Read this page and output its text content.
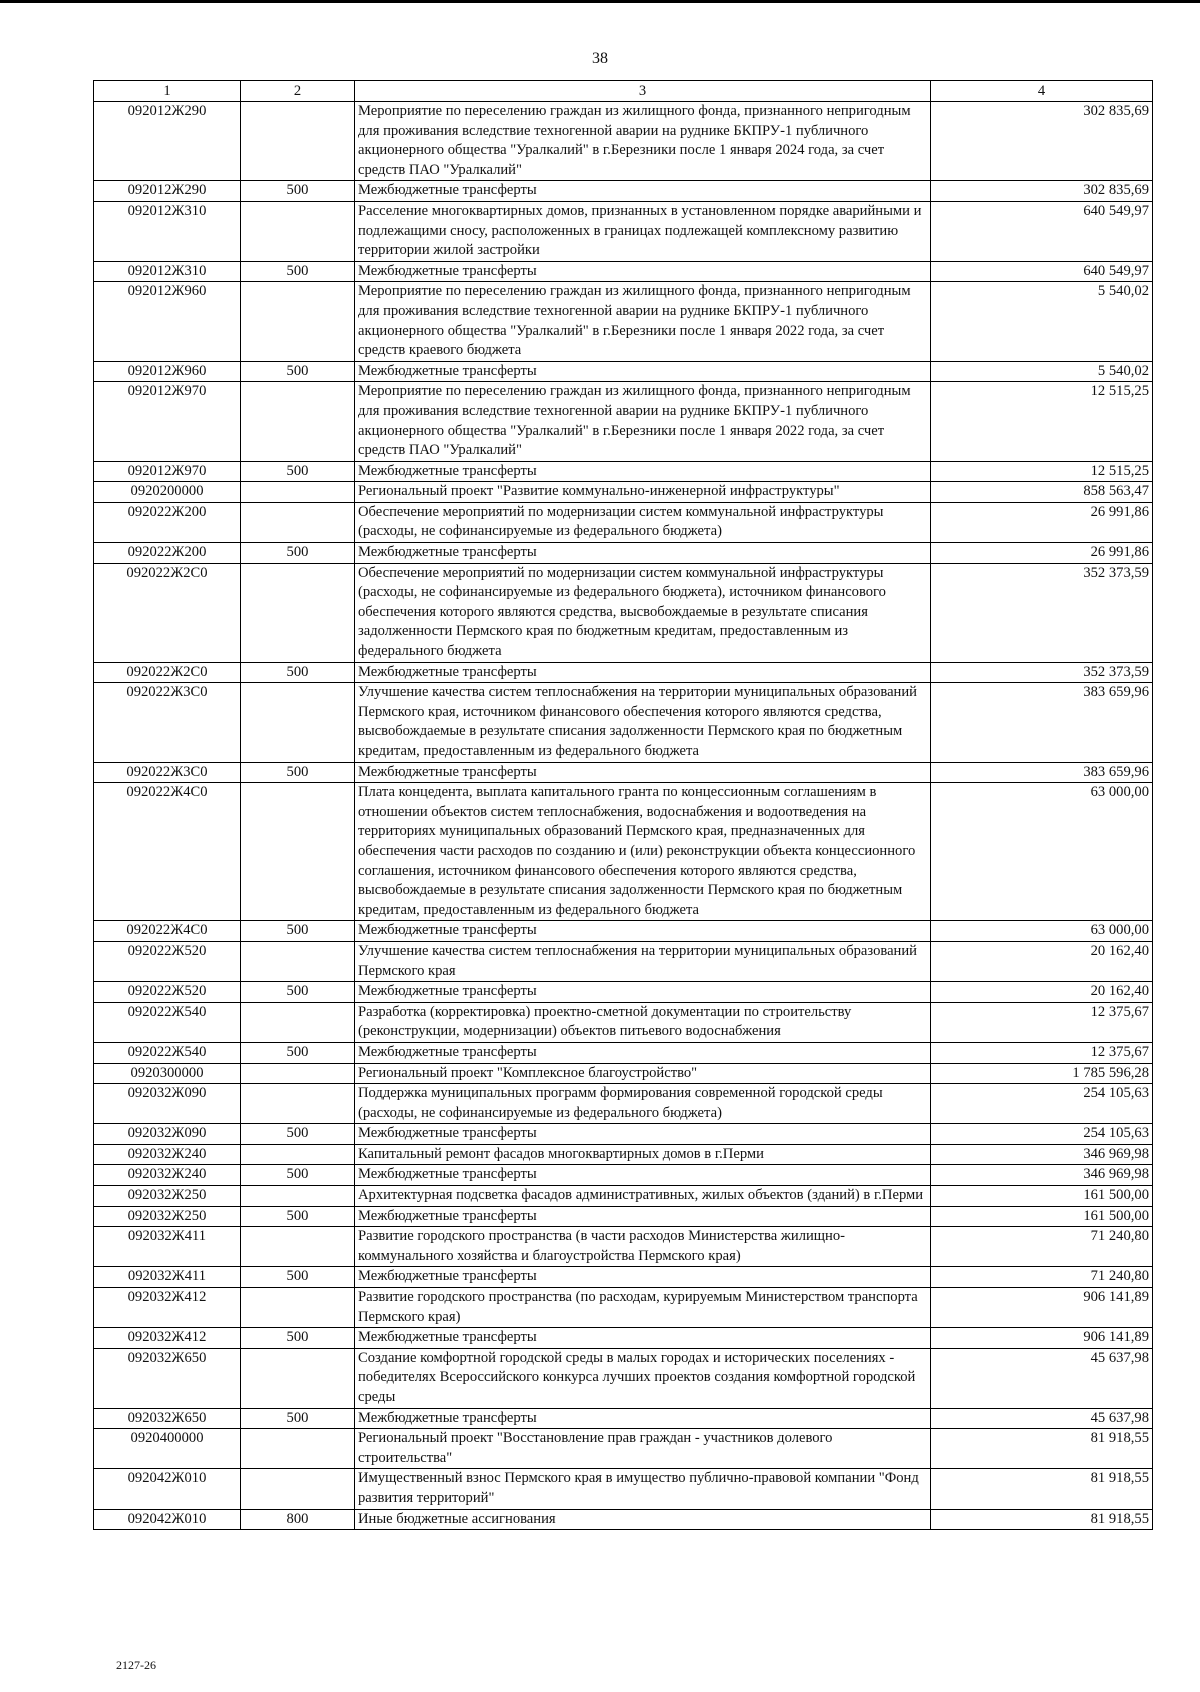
38
1	2	3	4
092012Ж290		Мероприятие по переселению граждан из жилищного фонда, признанного непригодным для проживания вследствие техногенной аварии на руднике БКПРУ-1 публичного акционерного общества "Уралкалий" в г.Березники после 1 января 2024 года, за счет средств ПАО "Уралкалий"	302 835,69
092012Ж290	500	Межбюджетные трансферты	302 835,69
092012Ж310		Расселение многоквартирных домов, признанных в установленном порядке аварийными и подлежащими сносу, расположенных в границах подлежащей комплексному развитию территории жилой застройки	640 549,97
092012Ж310	500	Межбюджетные трансферты	640 549,97
092012Ж960		Мероприятие по переселению граждан из жилищного фонда, признанного непригодным для проживания вследствие техногенной аварии на руднике БКПРУ-1 публичного акционерного общества "Уралкалий" в г.Березники после 1 января 2022 года, за счет средств краевого бюджета	5 540,02
092012Ж960	500	Межбюджетные трансферты	5 540,02
092012Ж970		Мероприятие по переселению граждан из жилищного фонда, признанного непригодным для проживания вследствие техногенной аварии на руднике БКПРУ-1 публичного акционерного общества "Уралкалий" в г.Березники после 1 января 2022 года, за счет средств ПАО "Уралкалий"	12 515,25
092012Ж970	500	Межбюджетные трансферты	12 515,25
0920200000		Региональный проект "Развитие коммунально-инженерной инфраструктуры"	858 563,47
092022Ж200		Обеспечение мероприятий по модернизации систем коммунальной инфраструктуры (расходы, не софинансируемые из федерального бюджета)	26 991,86
092022Ж200	500	Межбюджетные трансферты	26 991,86
092022Ж2С0		Обеспечение мероприятий по модернизации систем коммунальной инфраструктуры (расходы, не софинансируемые из федерального бюджета), источником финансового обеспечения которого являются средства, высвобождаемые в результате списания задолженности Пермского края по бюджетным кредитам, предоставленным из федерального бюджета	352 373,59
092022Ж2С0	500	Межбюджетные трансферты	352 373,59
092022Ж3С0		Улучшение качества систем теплоснабжения на территории муниципальных образований Пермского края, источником финансового обеспечения которого являются средства, высвобождаемые в результате списания задолженности Пермского края по бюджетным кредитам, предоставленным из федерального бюджета	383 659,96
092022Ж3С0	500	Межбюджетные трансферты	383 659,96
092022Ж4С0		Плата концедента, выплата капитального гранта по концессионным соглашениям в отношении объектов систем теплоснабжения, водоснабжения и водоотведения на территориях муниципальных образований Пермского края, предназначенных для обеспечения части расходов по созданию и (или) реконструкции объекта концессионного соглашения, источником финансового обеспечения которого являются средства, высвобождаемые в результате списания задолженности Пермского края по бюджетным кредитам, предоставленным из федерального бюджета	63 000,00
092022Ж4С0	500	Межбюджетные трансферты	63 000,00
092022Ж520		Улучшение качества систем теплоснабжения на территории муниципальных образований Пермского края	20 162,40
092022Ж520	500	Межбюджетные трансферты	20 162,40
092022Ж540		Разработка (корректировка) проектно-сметной документации по строительству (реконструкции, модернизации) объектов питьевого водоснабжения	12 375,67
092022Ж540	500	Межбюджетные трансферты	12 375,67
0920300000		Региональный проект "Комплексное благоустройство"	1 785 596,28
092032Ж090		Поддержка муниципальных программ формирования современной городской среды (расходы, не софинансируемые из федерального бюджета)	254 105,63
092032Ж090	500	Межбюджетные трансферты	254 105,63
092032Ж240		Капитальный ремонт фасадов многоквартирных домов в г.Перми	346 969,98
092032Ж240	500	Межбюджетные трансферты	346 969,98
092032Ж250		Архитектурная подсветка фасадов административных, жилых объектов (зданий) в г.Перми	161 500,00
092032Ж250	500	Межбюджетные трансферты	161 500,00
092032Ж411		Развитие городского пространства (в части расходов Министерства жилищно-коммунального хозяйства и благоустройства Пермского края)	71 240,80
092032Ж411	500	Межбюджетные трансферты	71 240,80
092032Ж412		Развитие городского пространства (по расходам, курируемым Министерством транспорта Пермского края)	906 141,89
092032Ж412	500	Межбюджетные трансферты	906 141,89
092032Ж650		Создание комфортной городской среды в малых городах и исторических поселениях - победителях Всероссийского конкурса лучших проектов создания комфортной городской среды	45 637,98
092032Ж650	500	Межбюджетные трансферты	45 637,98
0920400000		Региональный проект "Восстановление прав граждан - участников долевого строительства"	81 918,55
092042Ж010		Имущественный взнос Пермского края в имущество публично-правовой компании "Фонд развития территорий"	81 918,55
092042Ж010	800	Иные бюджетные ассигнования	81 918,55
2127-26
